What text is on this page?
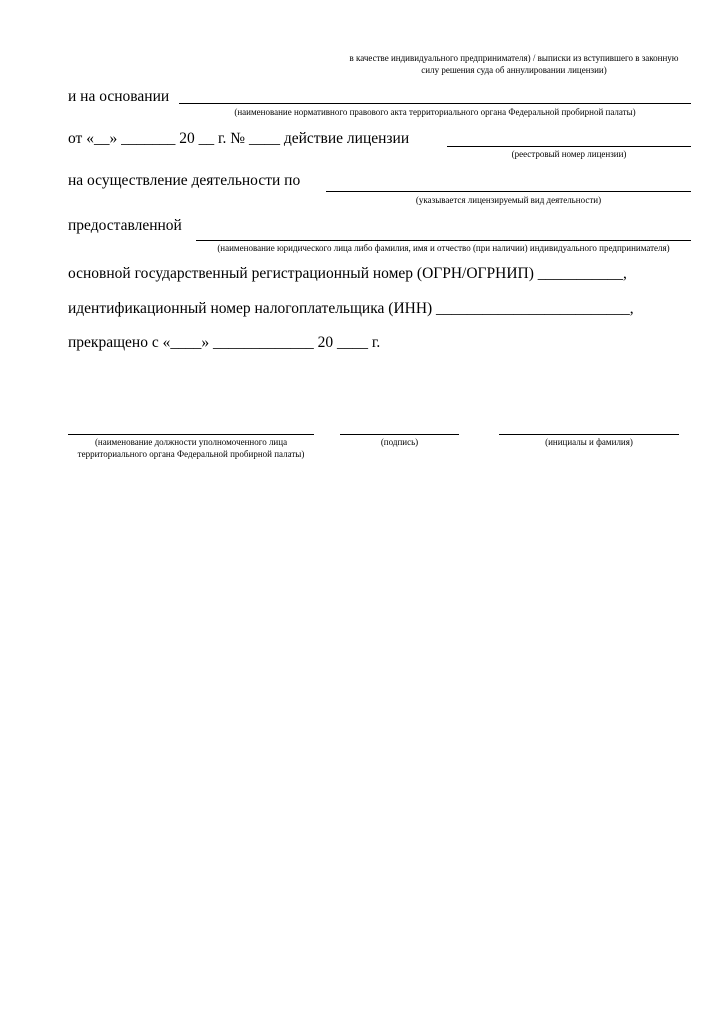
в качестве индивидуального предпринимателя) / выписки из вступившего в законную силу решения суда об аннулировании лицензии)
и на основании
(наименование нормативного правового акта территориального органа Федеральной пробирной палаты)
от «__» _______ 20 __ г. № ____ действие лицензии
(реестровый номер лицензии)
на осуществление деятельности по
(указывается лицензируемый вид деятельности)
предоставленной
(наименование юридического лица либо фамилия, имя и отчество (при наличии) индивидуального предпринимателя)
основной государственный регистрационный номер (ОГРН/ОГРНИП) ___________,
идентификационный номер налогоплательщика (ИНН) _________________________,
прекращено с «____» _____________ 20 ____ г.
(наименование должности уполномоченного лица территориального органа Федеральной пробирной палаты)
(подпись)	(инициалы и фамилия)
